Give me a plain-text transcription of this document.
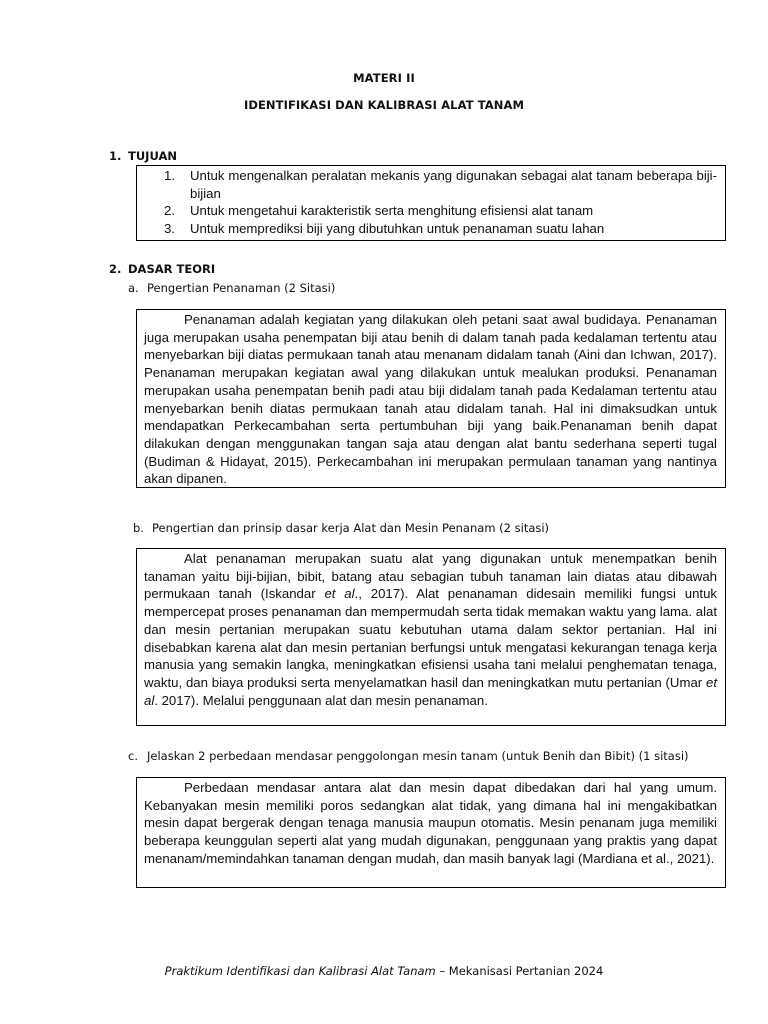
MATERI II
IDENTIFIKASI DAN KALIBRASI ALAT TANAM
1. TUJUAN
1. Untuk mengenalkan peralatan mekanis yang digunakan sebagai alat tanam beberapa biji-bijian
2. Untuk mengetahui karakteristik serta menghitung efisiensi alat tanam
3. Untuk memprediksi biji yang dibutuhkan untuk penanaman suatu lahan
2. DASAR TEORI
a. Pengertian Penanaman (2 Sitasi)

Penanaman adalah kegiatan yang dilakukan oleh petani saat awal budidaya. Penanaman juga merupakan usaha penempatan biji atau benih di dalam tanah pada kedalaman tertentu atau menyebarkan biji diatas permukaan tanah atau menanam didalam tanah (Aini dan Ichwan, 2017). Penanaman merupakan kegiatan awal yang dilakukan untuk mealukan produksi. Penanaman merupakan usaha penempatan benih padi atau biji didalam tanah pada Kedalaman tertentu atau menyebarkan benih diatas permukaan tanah atau didalam tanah. Hal ini dimaksudkan untuk mendapatkan Perkecambahan serta pertumbuhan biji yang baik.Penanaman benih dapat dilakukan dengan menggunakan tangan saja atau dengan alat bantu sederhana seperti tugal (Budiman & Hidayat, 2015). Perkecambahan ini merupakan permulaan tanaman yang nantinya akan dipanen.

b. Pengertian dan prinsip dasar kerja Alat dan Mesin Penanam (2 sitasi)

Alat penanaman merupakan suatu alat yang digunakan untuk menempatkan benih tanaman yaitu biji-bijian, bibit, batang atau sebagian tubuh tanaman lain diatas atau dibawah permukaan tanah (Iskandar et al., 2017). Alat penanaman didesain memiliki fungsi untuk mempercepat proses penanaman dan mempermudah serta tidak memakan waktu yang lama. alat dan mesin pertanian merupakan suatu kebutuhan utama dalam sektor pertanian. Hal ini disebabkan karena alat dan mesin pertanian berfungsi untuk mengatasi kekurangan tenaga kerja manusia yang semakin langka, meningkatkan efisiensi usaha tani melalui penghematan tenaga, waktu, dan biaya produksi serta menyelamatkan hasil dan meningkatkan mutu pertanian (Umar et al. 2017). Melalui penggunaan alat dan mesin penanaman.

c. Jelaskan 2 perbedaan mendasar penggolongan mesin tanam (untuk Benih dan Bibit) (1 sitasi)

Perbedaan mendasar antara alat dan mesin dapat dibedakan dari hal yang umum. Kebanyakan mesin memiliki poros sedangkan alat tidak, yang dimana hal ini mengakibatkan mesin dapat bergerak dengan tenaga manusia maupun otomatis. Mesin penanam juga memiliki beberapa keunggulan seperti alat yang mudah digunakan, penggunaan yang praktis yang dapat menanam/memindahkan tanaman dengan mudah, dan masih banyak lagi (Mardiana et al., 2021).

Praktikum Identifikasi dan Kalibrasi Alat Tanam – Mekanisasi Pertanian 2024
